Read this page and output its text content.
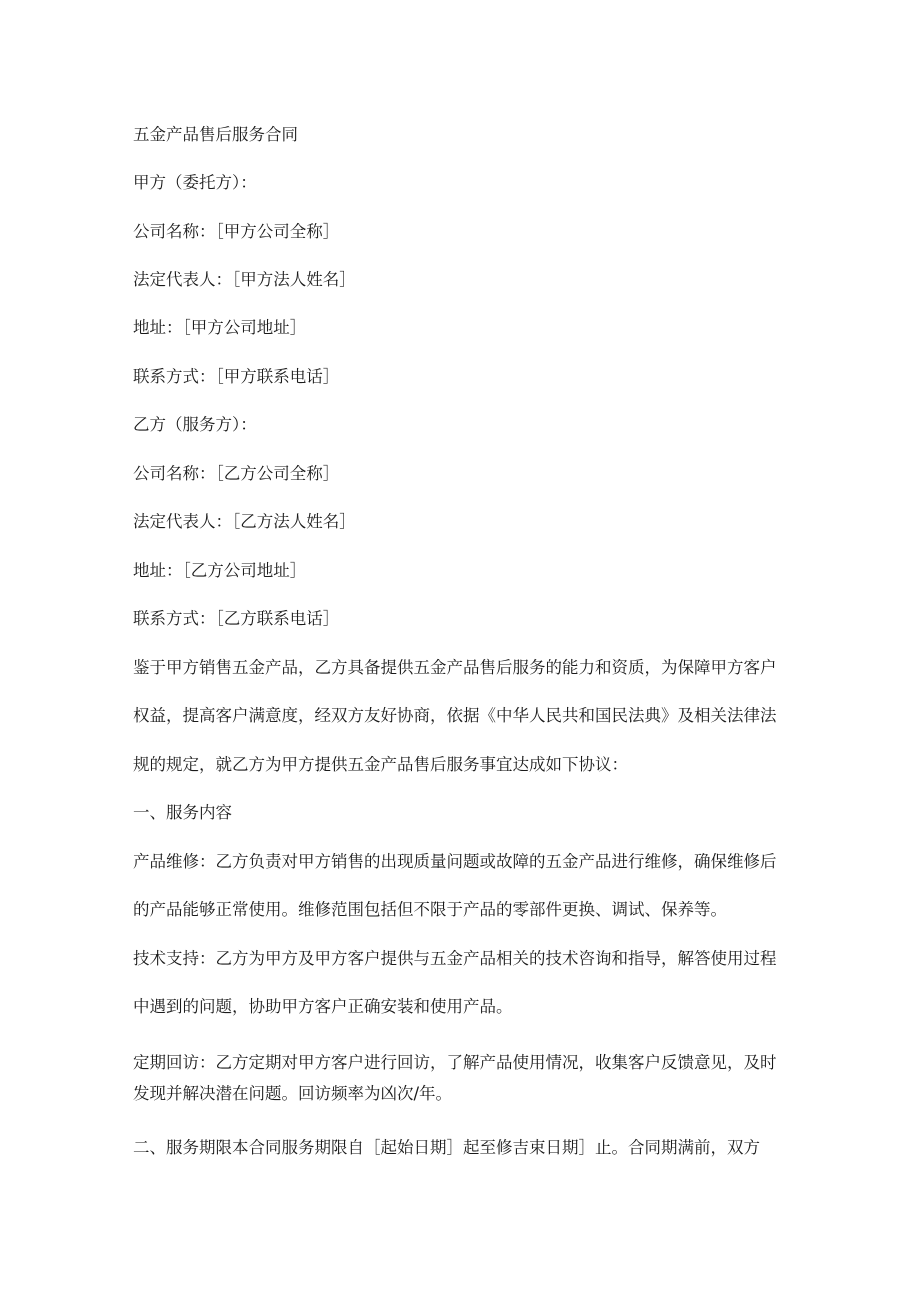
五金产品售后服务合同
甲方（委托方）：
公司名称：［甲方公司全称］
法定代表人：［甲方法人姓名］
地址：［甲方公司地址］
联系方式：［甲方联系电话］
乙方（服务方）：
公司名称：［乙方公司全称］
法定代表人：［乙方法人姓名］
地址：［乙方公司地址］
联系方式：［乙方联系电话］
鉴于甲方销售五金产品，乙方具备提供五金产品售后服务的能力和资质，为保障甲方客户
权益，提高客户满意度，经双方友好协商，依据《中华人民共和国民法典》及相关法律法
规的规定，就乙方为甲方提供五金产品售后服务事宜达成如下协议：
一、服务内容
产品维修：乙方负责对甲方销售的出现质量问题或故障的五金产品进行维修，确保维修后
的产品能够正常使用。维修范围包括但不限于产品的零部件更换、调试、保养等。
技术支持：乙方为甲方及甲方客户提供与五金产品相关的技术咨询和指导，解答使用过程
中遇到的问题，协助甲方客户正确安装和使用产品。
定期回访：乙方定期对甲方客户进行回访，了解产品使用情况，收集客户反馈意见，及时
发现并解决潜在问题。回访频率为凶次/年。
二、服务期限本合同服务期限自［起始日期］起至修吉束日期］止。合同期满前，双方
